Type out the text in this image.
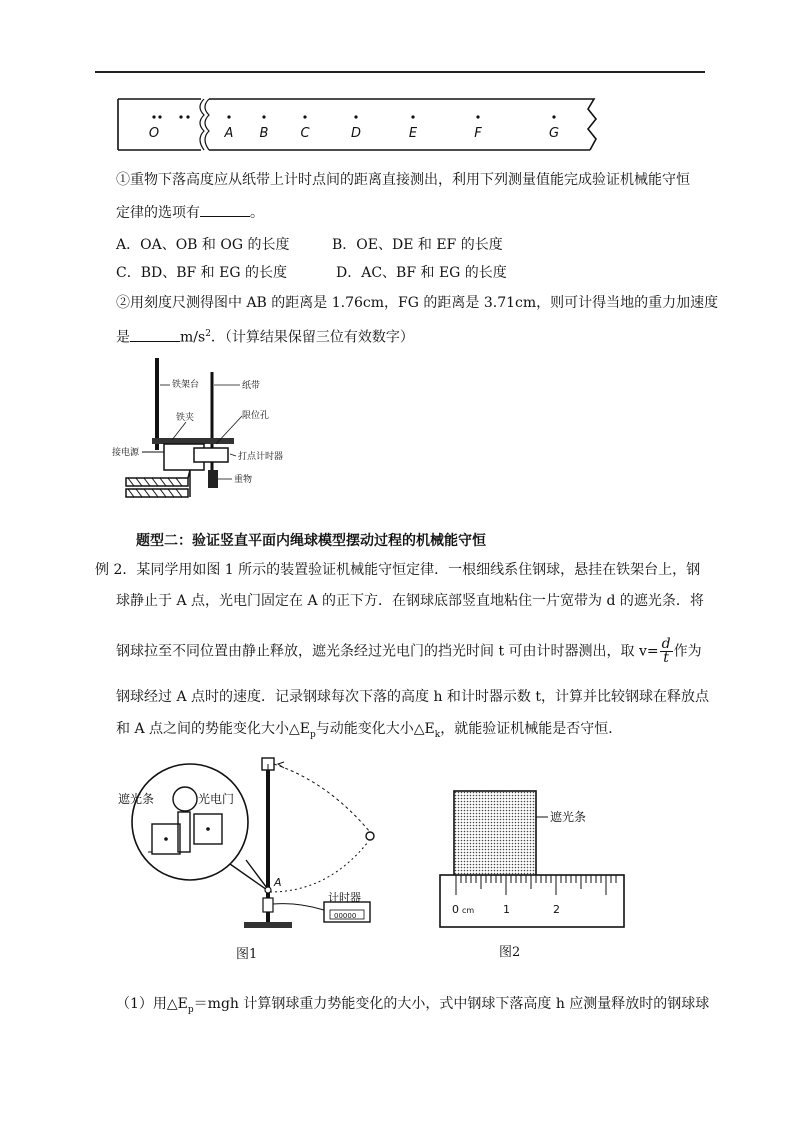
O	A B C	D	E	F	G
①重物下落高度应从纸带上计时点间的距离直接测出，利用下列测量值能完成验证机械能守恒
定律的选项有	。
A．OA、OB 和 OG 的长度	B．OE、DE 和 EF 的长度
C．BD、BF 和 EG 的长度	D．AC、BF 和 EG 的长度
②用刻度尺测得图中 AB 的距离是 1.76cm，FG 的距离是 3.71cm，则可计得当地的重力加速度
是	$m/s^2$．（计算结果保留三位有效数字）
铁架台	纸带
铁夹	限位孔
打点计时器
接电源
重物
题型二：验证竖直平面内绳球模型摆动过程的机械能守恒
例 2．某同学用如图 1 所示的装置验证机械能守恒定律．一根细线系住钢球，悬挂在铁架台上，钢
球静止于 A 点，光电门固定在 A 的正下方．在钢球底部竖直地粘住一片宽带为 d 的遮光条．将
钢球拉至不同位置由静止释放，遮光条经过光电门的挡光时间 t 可由计时器测出，取 $v= \frac{d}{t}$ 作为
钢球经过 A 点时的速度．记录钢球每次下落的高度 h 和计时器示数 t，计算并比较钢球在释放点
和 A 点之间的势能变化大小$\triangle E_p$与动能变化大小$\triangle E_k$，就能验证机械能是否守恒．
遮光条	光电门
A
计时器
00000
图1
遮光条
0 cm	1	2
图2
（1）用$\triangle E_p=mgh$ 计算钢球重力势能变化的大小，式中钢球下落高度 h 应测量释放时的钢球球
